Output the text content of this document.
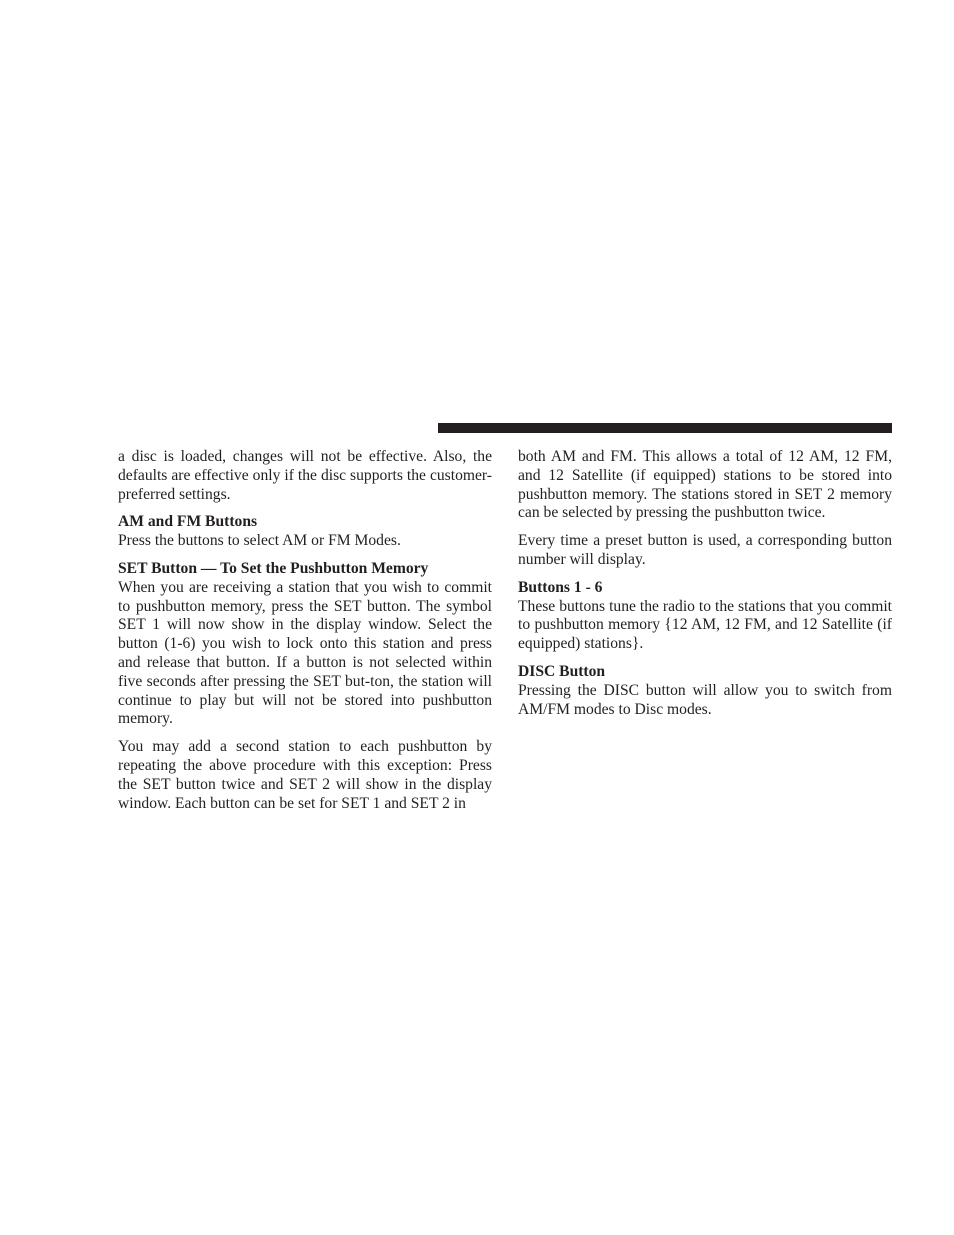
a disc is loaded, changes will not be effective. Also, the defaults are effective only if the disc supports the customer-preferred settings.

AM and FM Buttons

Press the buttons to select AM or FM Modes.

SET Button — To Set the Pushbutton Memory

When you are receiving a station that you wish to commit to pushbutton memory, press the SET button. The symbol SET 1 will now show in the display window. Select the button (1-6) you wish to lock onto this station and press and release that button. If a button is not selected within five seconds after pressing the SET but-ton, the station will continue to play but will not be stored into pushbutton memory.

You may add a second station to each pushbutton by repeating the above procedure with this exception: Press the SET button twice and SET 2 will show in the display window. Each button can be set for SET 1 and SET 2 in

both AM and FM. This allows a total of 12 AM, 12 FM, and 12 Satellite (if equipped) stations to be stored into pushbutton memory. The stations stored in SET 2 memory can be selected by pressing the pushbutton twice.

Every time a preset button is used, a corresponding button number will display.

Buttons 1 - 6

These buttons tune the radio to the stations that you commit to pushbutton memory {12 AM, 12 FM, and 12 Satellite (if equipped) stations}.

DISC Button

Pressing the DISC button will allow you to switch from AM/FM modes to Disc modes.
